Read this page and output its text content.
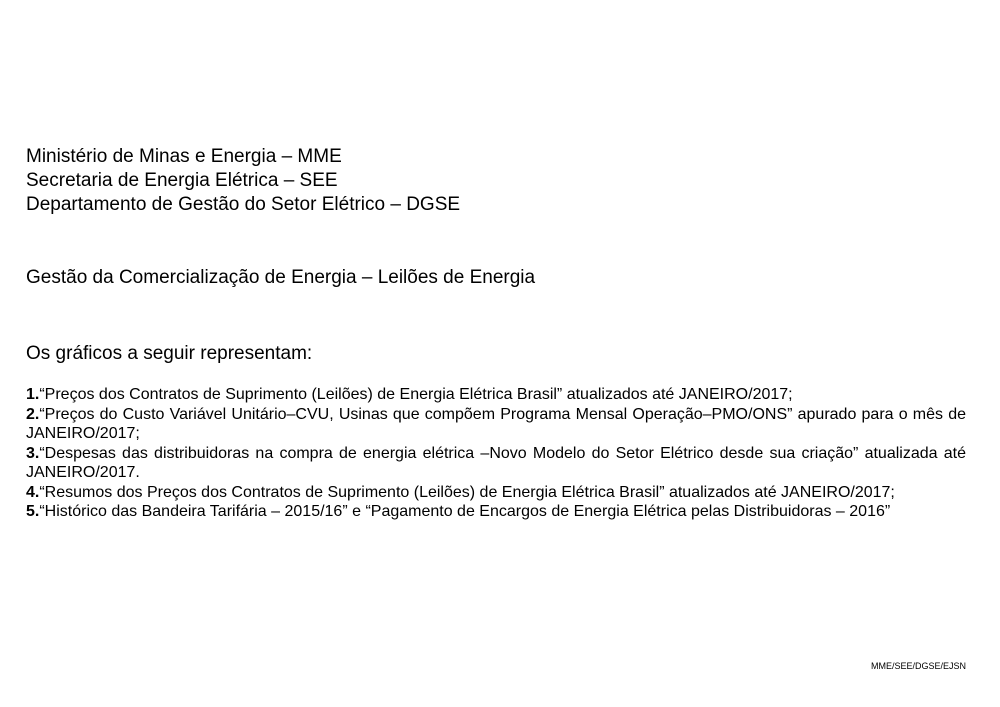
Ministério de Minas e Energia – MME
Secretaria de Energia Elétrica – SEE
Departamento de Gestão do Setor Elétrico – DGSE
Gestão da Comercialização de Energia – Leilões de Energia
Os gráficos a seguir representam:
1.“Preços dos Contratos de Suprimento (Leilões) de Energia Elétrica Brasil” atualizados até JANEIRO/2017;
2.“Preços do Custo Variável Unitário–CVU, Usinas que compõem Programa Mensal Operação–PMO/ONS” apurado para o mês de JANEIRO/2017;
3.“Despesas das distribuidoras na compra de energia elétrica –Novo Modelo do Setor Elétrico desde sua criação” atualizada até JANEIRO/2017.
4.“Resumos dos Preços dos Contratos de Suprimento (Leilões) de Energia Elétrica Brasil” atualizados até JANEIRO/2017;
5.“Histórico das Bandeira Tarifária – 2015/16” e “Pagamento de Encargos de Energia Elétrica pelas Distribuidoras – 2016”
MME/SEE/DGSE/EJSN
